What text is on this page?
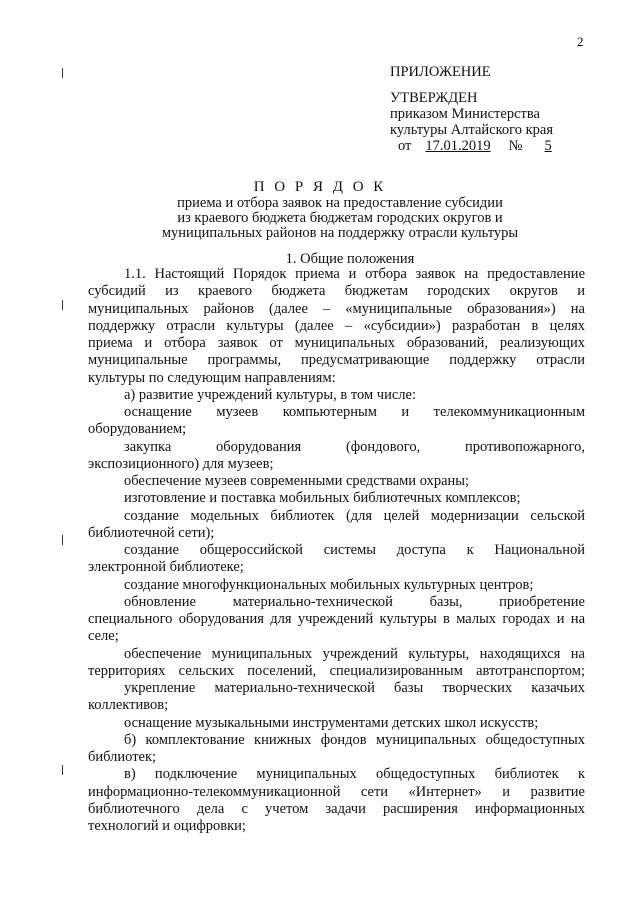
2
ПРИЛОЖЕНИЕ
УТВЕРЖДЕН
приказом Министерства
культуры Алтайского края
от 17.01.2019 № 5
П О Р Я Д О К
приема и отбора заявок на предоставление субсидии
из краевого бюджета бюджетам городских округов и
муниципальных районов на поддержку отрасли культуры
1. Общие положения
1.1. Настоящий Порядок приема и отбора заявок на предоставление
субсидий из краевого бюджета бюджетам городских округов и
муниципальных районов (далее – «муниципальные образования») на
поддержку отрасли культуры (далее – «субсидии») разработан в целях
приема и отбора заявок от муниципальных образований, реализующих
муниципальные программы, предусматривающие поддержку отрасли
культуры по следующим направлениям:
а) развитие учреждений культуры, в том числе:
оснащение музеев компьютерным и телекоммуникационным
оборудованием;
закупка оборудования (фондового, противопожарного,
экспозиционного) для музеев;
обеспечение музеев современными средствами охраны;
изготовление и поставка мобильных библиотечных комплексов;
создание модельных библиотек (для целей модернизации сельской
библиотечной сети);
создание общероссийской системы доступа к Национальной
электронной библиотеке;
создание многофункциональных мобильных культурных центров;
обновление материально-технической базы, приобретение
специального оборудования для учреждений культуры в малых городах и на
селе;
обеспечение муниципальных учреждений культуры, находящихся на
территориях сельских поселений, специализированным автотранспортом;
укрепление материально-технической базы творческих казачьих
коллективов;
оснащение музыкальными инструментами детских школ искусств;
б) комплектование книжных фондов муниципальных общедоступных
библиотек;
в) подключение муниципальных общедоступных библиотек к
информационно-телекоммуникационной сети «Интернет» и развитие
библиотечного дела с учетом задачи расширения информационных
технологий и оцифровки;
